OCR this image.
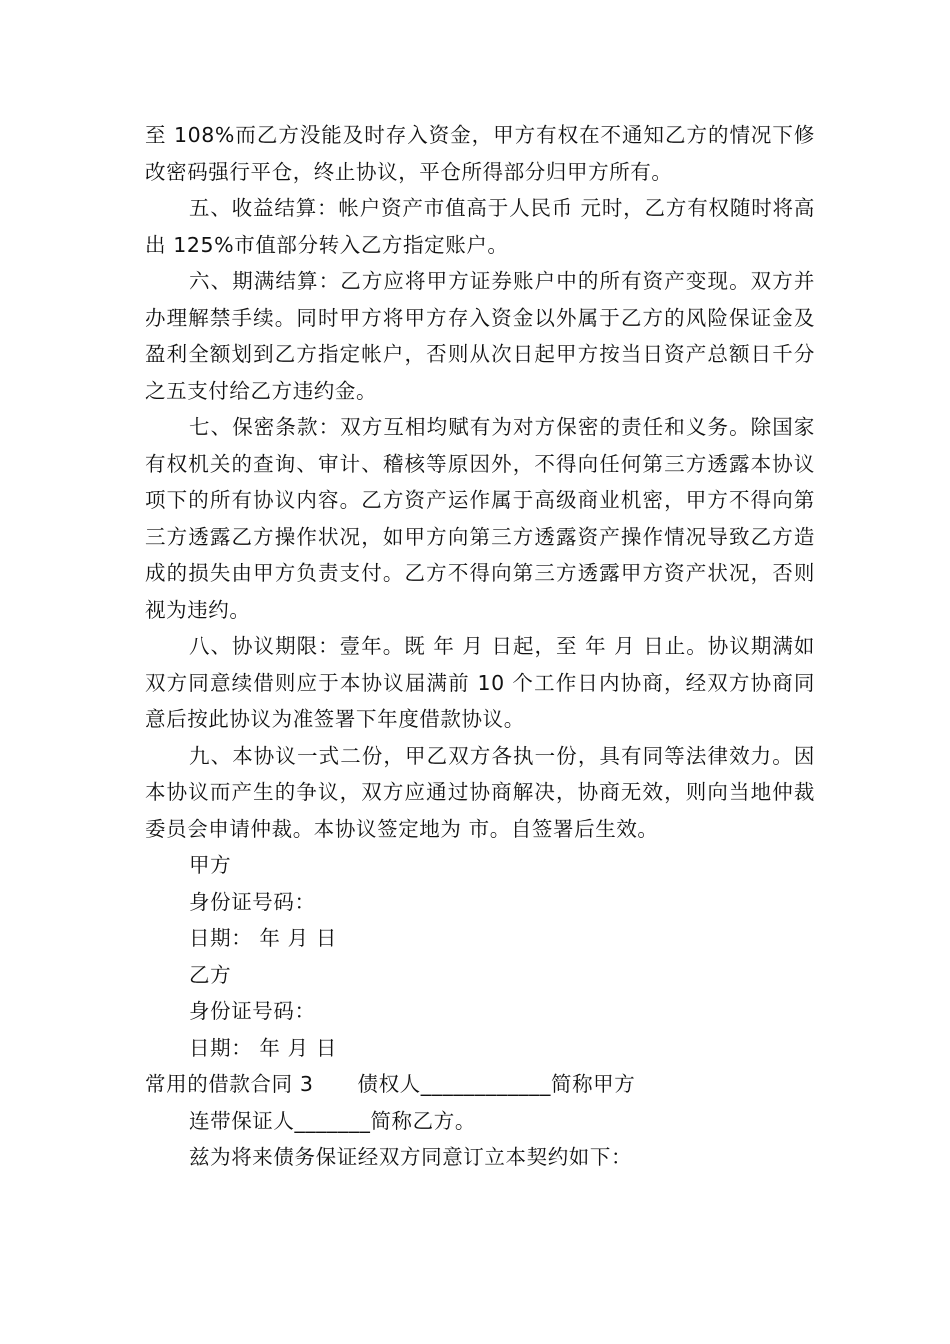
至 108%而乙方没能及时存入资金，甲方有权在不通知乙方的情况下修改密码强行平仓，终止协议，平仓所得部分归甲方所有。

五、收益结算：帐户资产市值高于人民币 元时，乙方有权随时将高出 125%市值部分转入乙方指定账户。

六、期满结算：乙方应将甲方证券账户中的所有资产变现。双方并办理解禁手续。同时甲方将甲方存入资金以外属于乙方的风险保证金及盈利全额划到乙方指定帐户，否则从次日起甲方按当日资产总额日千分之五支付给乙方违约金。

七、保密条款：双方互相均赋有为对方保密的责任和义务。除国家有权机关的查询、审计、稽核等原因外，不得向任何第三方透露本协议项下的所有协议内容。乙方资产运作属于高级商业机密，甲方不得向第三方透露乙方操作状况，如甲方向第三方透露资产操作情况导致乙方造成的损失由甲方负责支付。乙方不得向第三方透露甲方资产状况，否则视为违约。

八、协议期限：壹年。既 年 月 日起，至 年 月 日止。协议期满如双方同意续借则应于本协议届满前 10 个工作日内协商，经双方协商同意后按此协议为准签署下年度借款协议。

九、本协议一式二份，甲乙双方各执一份，具有同等法律效力。因本协议而产生的争议，双方应通过协商解决，协商无效，则向当地仲裁委员会申请仲裁。本协议签定地为 市。自签署后生效。

甲方

身份证号码：

日期： 年 月 日

乙方

身份证号码：

日期： 年 月 日

常用的借款合同 3 债权人____________简称甲方

连带保证人_______简称乙方。

兹为将来债务保证经双方同意订立本契约如下：
